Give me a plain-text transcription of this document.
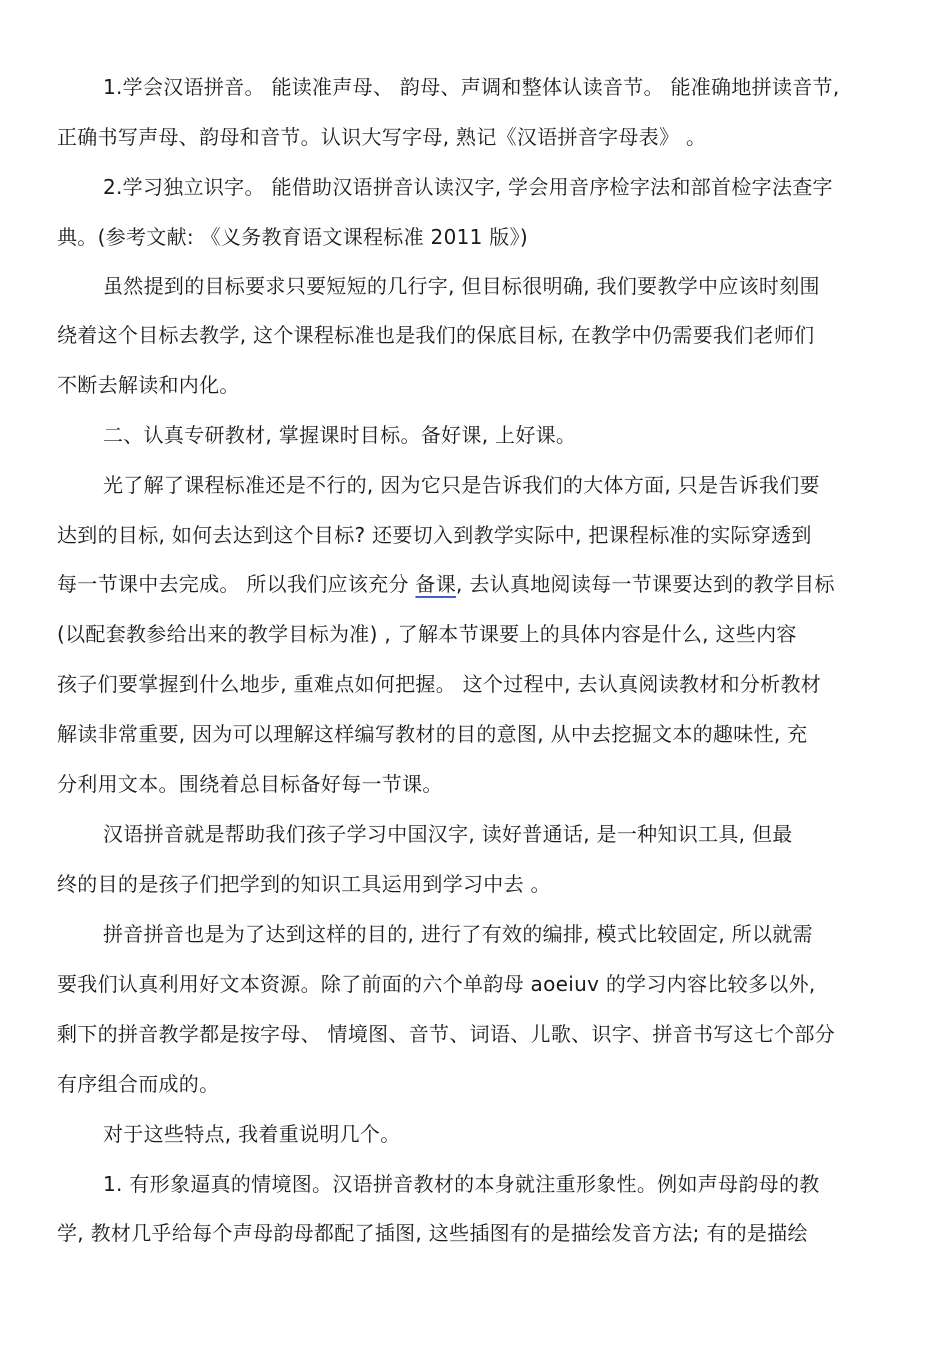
1.学会汉语拼音。 能读准声母、 韵母、声调和整体认读音节。 能准确地拼读音节,
正确书写声母、韵母和音节。认识大写字母, 熟记《汉语拼音字母表》 。
2.学习独立识字。 能借助汉语拼音认读汉字, 学会用音序检字法和部首检字法查字
典。(参考文献: 《义务教育语文课程标准 2011 版》)
虽然提到的目标要求只要短短的几行字, 但目标很明确, 我们要教学中应该时刻围
绕着这个目标去教学, 这个课程标准也是我们的保底目标, 在教学中仍需要我们老师们
不断去解读和内化。
二、认真专研教材, 掌握课时目标。备好课, 上好课。
光了解了课程标准还是不行的, 因为它只是告诉我们的大体方面, 只是告诉我们要
达到的目标, 如何去达到这个目标? 还要切入到教学实际中, 把课程标准的实际穿透到
每一节课中去完成。 所以我们应该充分 备课, 去认真地阅读每一节课要达到的教学目标
(以配套教参给出来的教学目标为准) , 了解本节课要上的具体内容是什么, 这些内容
孩子们要掌握到什么地步, 重难点如何把握。 这个过程中, 去认真阅读教材和分析教材
解读非常重要, 因为可以理解这样编写教材的目的意图, 从中去挖掘文本的趣味性, 充
分利用文本。围绕着总目标备好每一节课。
汉语拼音就是帮助我们孩子学习中国汉字, 读好普通话, 是一种知识工具, 但最
终的目的是孩子们把学到的知识工具运用到学习中去 。
拼音拼音也是为了达到这样的目的, 进行了有效的编排, 模式比较固定, 所以就需
要我们认真利用好文本资源。除了前面的六个单韵母 aoeiuv 的学习内容比较多以外,
剩下的拼音教学都是按字母、 情境图、音节、词语、儿歌、识字、拼音书写这七个部分
有序组合而成的。
对于这些特点, 我着重说明几个。
1. 有形象逼真的情境图。汉语拼音教材的本身就注重形象性。例如声母韵母的教
学, 教材几乎给每个声母韵母都配了插图, 这些插图有的是描绘发音方法; 有的是描绘
